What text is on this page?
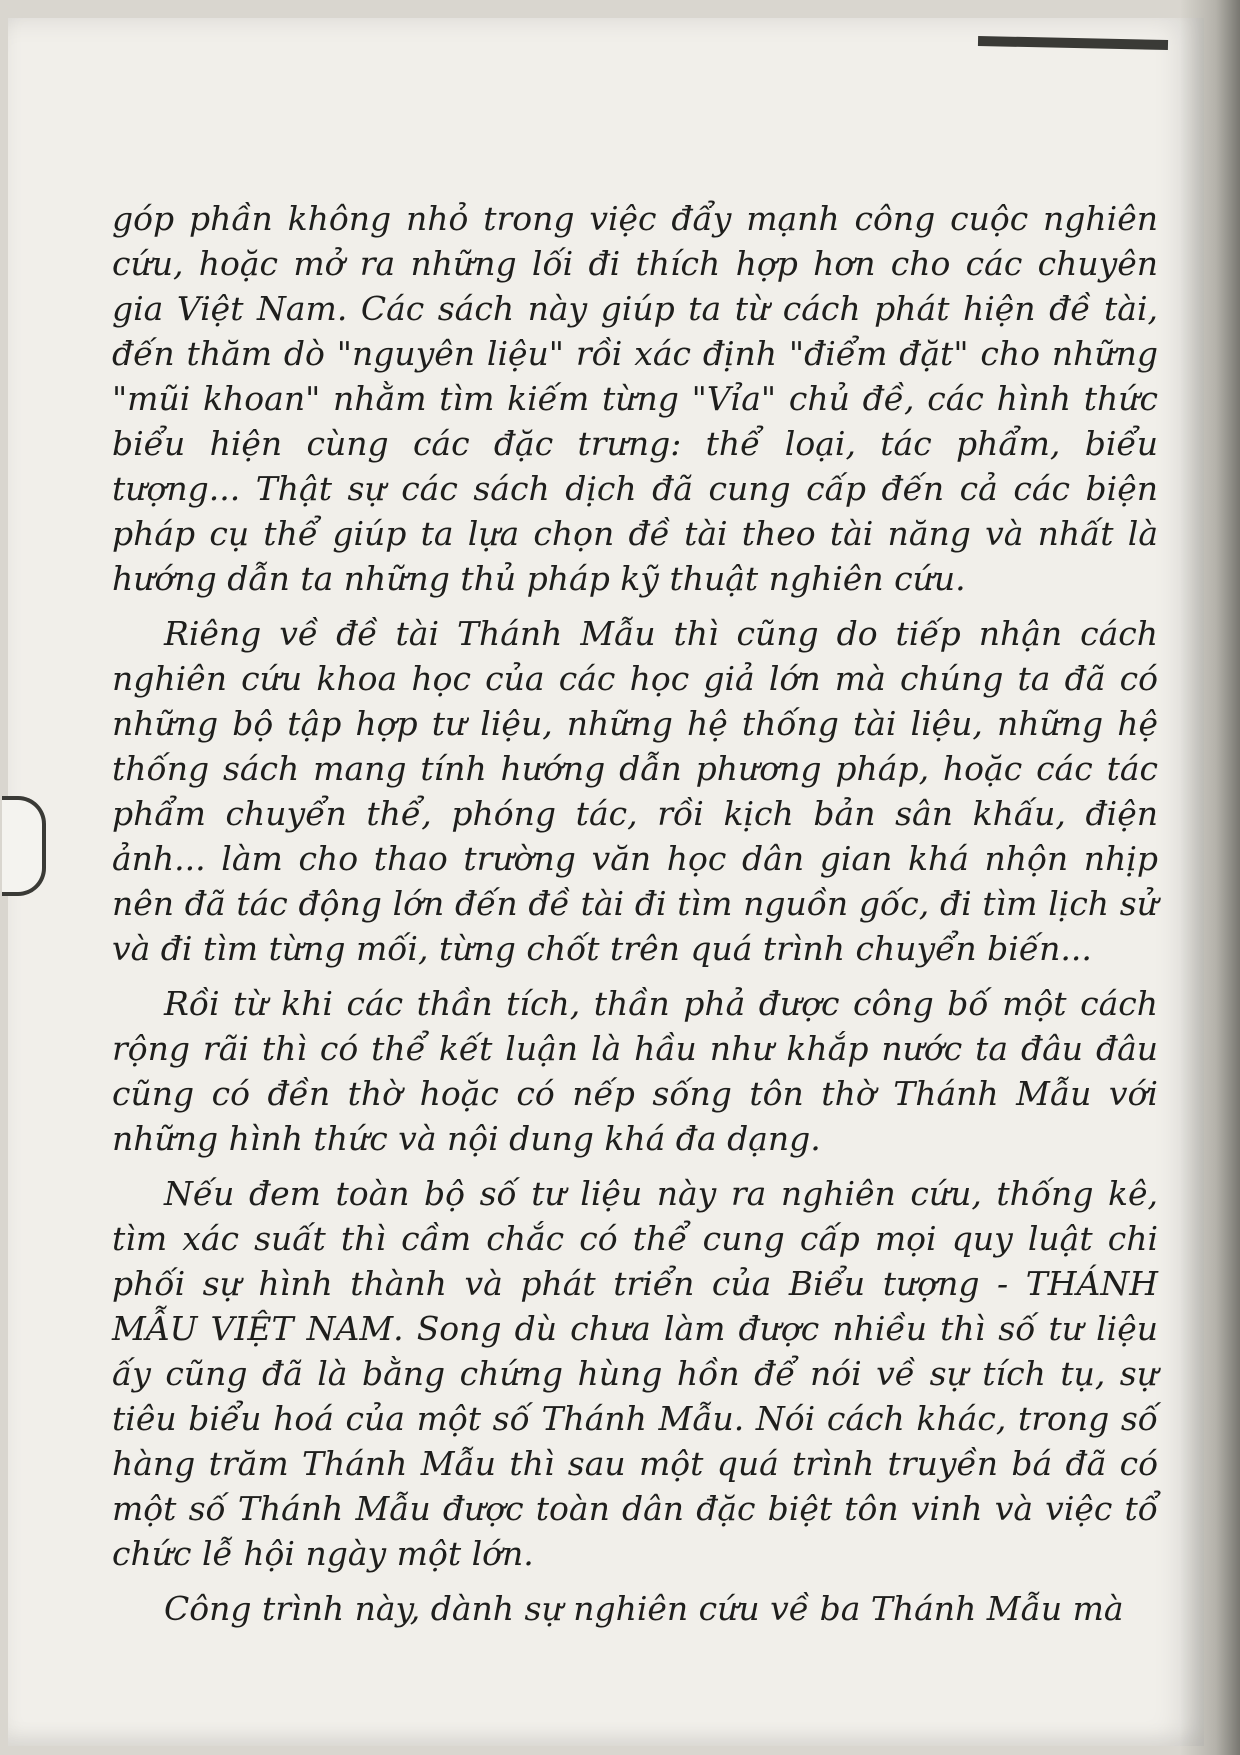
góp phần không nhỏ trong việc đẩy mạnh công cuộc nghiên cứu, hoặc mở ra những lối đi thích hợp hơn cho các chuyên gia Việt Nam. Các sách này giúp ta từ cách phát hiện đề tài, đến thăm dò "nguyên liệu" rồi xác định "điểm đặt" cho những "mũi khoan" nhằm tìm kiếm từng "Vỉa" chủ đề, các hình thức biểu hiện cùng các đặc trưng: thể loại, tác phẩm, biểu tượng... Thật sự các sách dịch đã cung cấp đến cả các biện pháp cụ thể giúp ta lựa chọn đề tài theo tài năng và nhất là hướng dẫn ta những thủ pháp kỹ thuật nghiên cứu.

Riêng về đề tài Thánh Mẫu thì cũng do tiếp nhận cách nghiên cứu khoa học của các học giả lớn mà chúng ta đã có những bộ tập hợp tư liệu, những hệ thống tài liệu, những hệ thống sách mang tính hướng dẫn phương pháp, hoặc các tác phẩm chuyển thể, phóng tác, rồi kịch bản sân khấu, điện ảnh... làm cho thao trường văn học dân gian khá nhộn nhịp nên đã tác động lớn đến đề tài đi tìm nguồn gốc, đi tìm lịch sử và đi tìm từng mối, từng chốt trên quá trình chuyển biến...

Rồi từ khi các thần tích, thần phả được công bố một cách rộng rãi thì có thể kết luận là hầu như khắp nước ta đâu đâu cũng có đền thờ hoặc có nếp sống tôn thờ Thánh Mẫu với những hình thức và nội dung khá đa dạng.

Nếu đem toàn bộ số tư liệu này ra nghiên cứu, thống kê, tìm xác suất thì cầm chắc có thể cung cấp mọi quy luật chi phối sự hình thành và phát triển của Biểu tượng - THÁNH MẪU VIỆT NAM. Song dù chưa làm được nhiều thì số tư liệu ấy cũng đã là bằng chứng hùng hồn để nói về sự tích tụ, sự tiêu biểu hoá của một số Thánh Mẫu. Nói cách khác, trong số hàng trăm Thánh Mẫu thì sau một quá trình truyền bá đã có một số Thánh Mẫu được toàn dân đặc biệt tôn vinh và việc tổ chức lễ hội ngày một lớn.

Công trình này, dành sự nghiên cứu về ba Thánh Mẫu mà
